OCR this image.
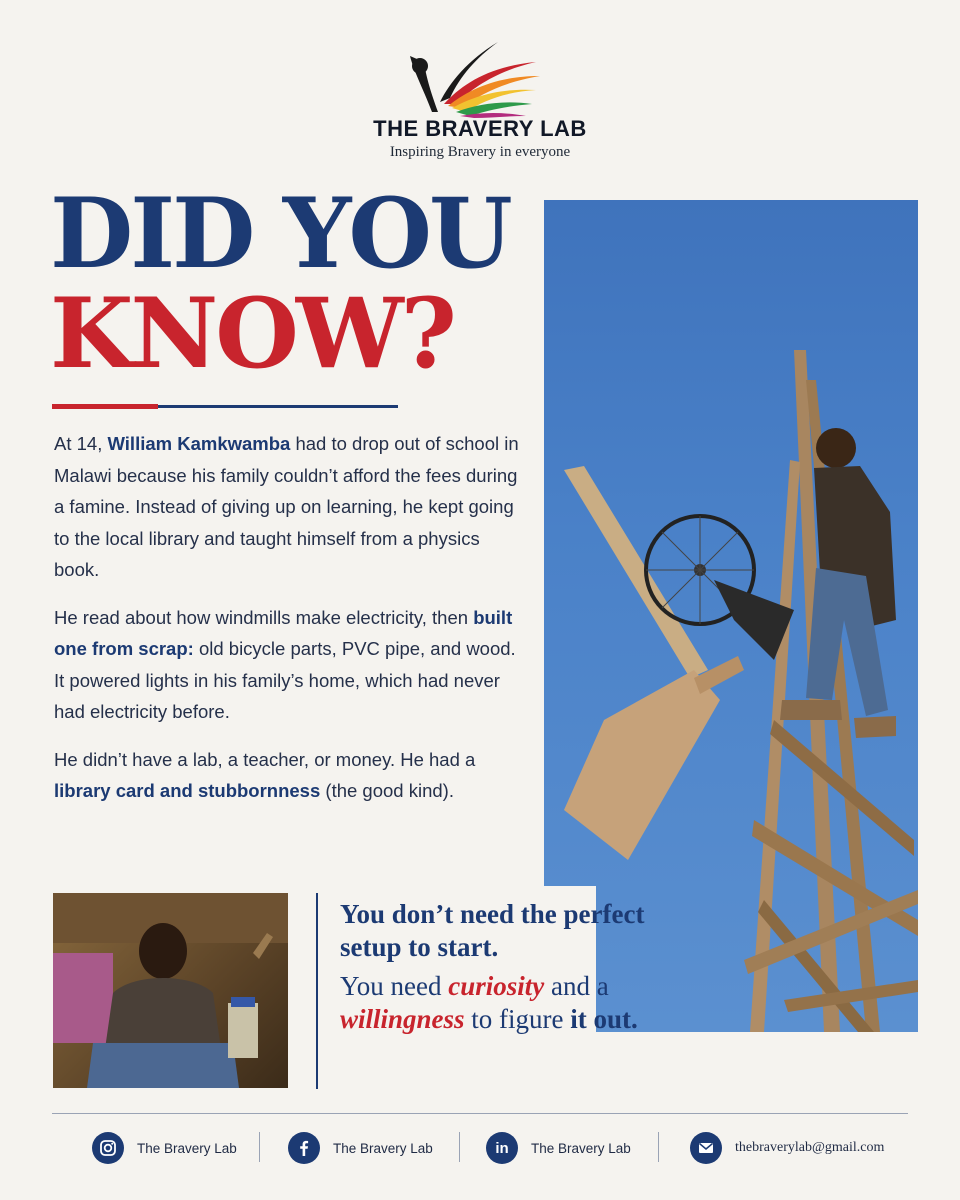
THE BRAVERY LAB
Inspiring Bravery in everyone
DID YOU
KNOW?

At 14, William Kamkwamba had to drop out of school in Malawi because his family couldn’t afford the fees during a famine. Instead of giving up on learning, he kept going to the local library and taught himself from a physics book.

He read about how windmills make electricity, then built one from scrap: old bicycle parts, PVC pipe, and wood. It powered lights in his family’s home, which had never had electricity before.

He didn’t have a lab, a teacher, or money. He had a library card and stubbornness (the good kind).

You don’t need the perfect setup to start.
You need curiosity and a willingness to figure it out.
The Bravery Lab	The Bravery Lab	in The Bravery Lab	thebraverylab@gmail.com
